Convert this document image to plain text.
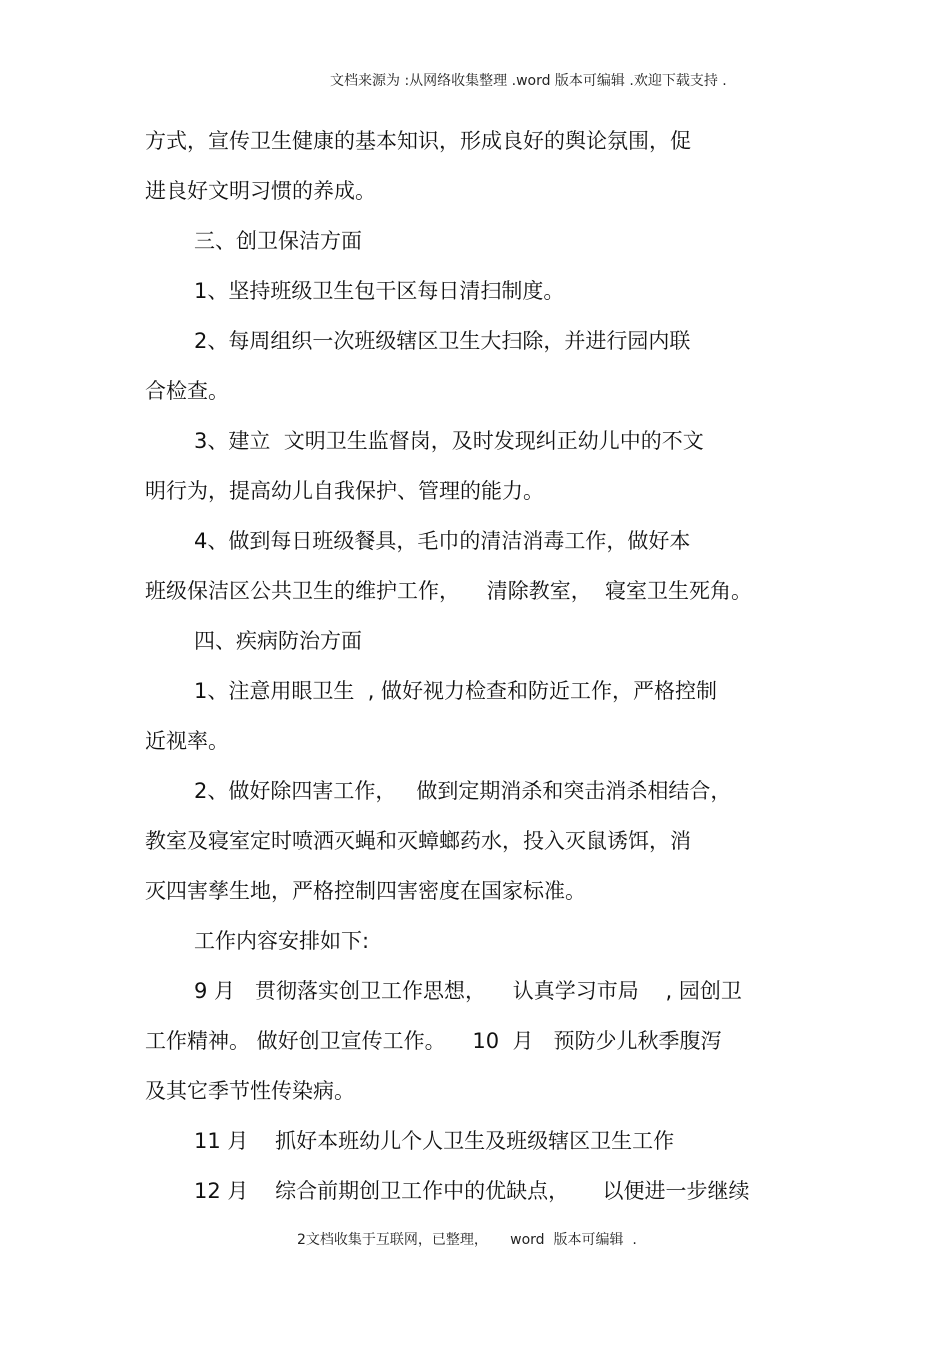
文档来源为 :从网络收集整理 .word 版本可编辑 .欢迎下载支持 .
方式，宣传卫生健康的基本知识，形成良好的舆论氛围，促
进良好文明习惯的养成。
三、创卫保洁方面
1、坚持班级卫生包干区每日清扫制度。
2、每周组织一次班级辖区卫生大扫除，并进行园内联
合检查。
3、建立  文明卫生监督岗，及时发现纠正幼儿中的不文
明行为，提高幼儿自我保护、管理的能力。
4、做到每日班级餐具，毛巾的清洁消毒工作，做好本
班级保洁区公共卫生的维护工作，    清除教室，  寝室卫生死角。
四、疾病防治方面
1、注意用眼卫生  , 做好视力检查和防近工作，严格控制
近视率。
2、做好除四害工作，   做到定期消杀和突击消杀相结合，
教室及寝室定时喷洒灭蝇和灭蟑螂药水，投入灭鼠诱饵，消
灭四害孳生地，严格控制四害密度在国家标准。
工作内容安排如下:
9 月   贯彻落实创卫工作思想，    认真学习市局    , 园创卫
工作精神。 做好创卫宣传工作。    10  月   预防少儿秋季腹泻
及其它季节性传染病。
11 月    抓好本班幼儿个人卫生及班级辖区卫生工作
12 月    综合前期创卫工作中的优缺点，     以便进一步继续
2文档收集于互联网，已整理，     word  版本可编辑  .
